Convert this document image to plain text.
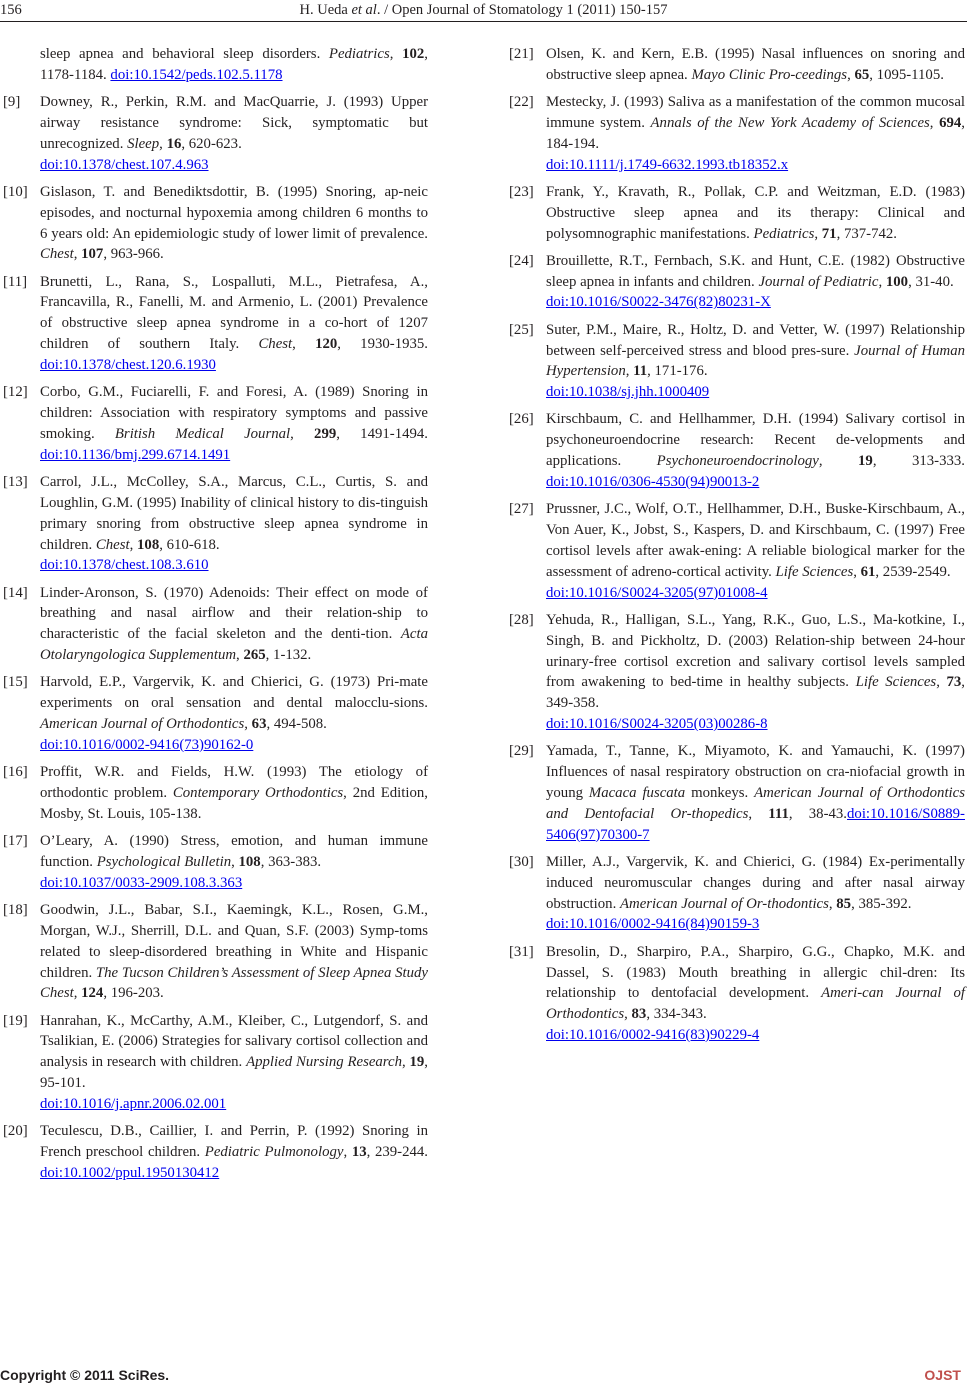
156	H. Ueda et al. / Open Journal of Stomatology 1 (2011) 150-157
sleep apnea and behavioral sleep disorders. Pediatrics, 102, 1178-1184. doi:10.1542/peds.102.5.1178
[9] Downey, R., Perkin, R.M. and MacQuarrie, J. (1993) Upper airway resistance syndrome: Sick, symptomatic but unrecognized. Sleep, 16, 620-623.
doi:10.1378/chest.107.4.963
[10] Gislason, T. and Benediktsdottir, B. (1995) Snoring, ap-neic episodes, and nocturnal hypoxemia among children 6 months to 6 years old: An epidemiologic study of lower limit of prevalence. Chest, 107, 963-966.
[11] Brunetti, L., Rana, S., Lospalluti, M.L., Pietrafesa, A., Francavilla, R., Fanelli, M. and Armenio, L. (2001) Prevalence of obstructive sleep apnea syndrome in a co-hort of 1207 children of southern Italy. Chest, 120, 1930-1935. doi:10.1378/chest.120.6.1930
[12] Corbo, G.M., Fuciarelli, F. and Foresi, A. (1989) Snoring in children: Association with respiratory symptoms and passive smoking. British Medical Journal, 299, 1491-1494. doi:10.1136/bmj.299.6714.1491
[13] Carrol, J.L., McColley, S.A., Marcus, C.L., Curtis, S. and Loughlin, G.M. (1995) Inability of clinical history to dis-tinguish primary snoring from obstructive sleep apnea syndrome in children. Chest, 108, 610-618.
doi:10.1378/chest.108.3.610
[14] Linder-Aronson, S. (1970) Adenoids: Their effect on mode of breathing and nasal airflow and their relation-ship to characteristic of the facial skeleton and the denti-tion. Acta Otolaryngologica Supplementum, 265, 1-132.
[15] Harvold, E.P., Vargervik, K. and Chierici, G. (1973) Pri-mate experiments on oral sensation and dental malocclu-sions. American Journal of Orthodontics, 63, 494-508.
doi:10.1016/0002-9416(73)90162-0
[16] Proffit, W.R. and Fields, H.W. (1993) The etiology of orthodontic problem. Contemporary Orthodontics, 2nd Edition, Mosby, St. Louis, 105-138.
[17] O’Leary, A. (1990) Stress, emotion, and human immune function. Psychological Bulletin, 108, 363-383.
doi:10.1037/0033-2909.108.3.363
[18] Goodwin, J.L., Babar, S.I., Kaemingk, K.L., Rosen, G.M., Morgan, W.J., Sherrill, D.L. and Quan, S.F. (2003) Symp-toms related to sleep-disordered breathing in White and Hispanic children. The Tucson Children’s Assessment of Sleep Apnea Study Chest, 124, 196-203.
[19] Hanrahan, K., McCarthy, A.M., Kleiber, C., Lutgendorf, S. and Tsalikian, E. (2006) Strategies for salivary cortisol collection and analysis in research with children. Applied Nursing Research, 19, 95-101.
doi:10.1016/j.apnr.2006.02.001
[20] Teculescu, D.B., Caillier, I. and Perrin, P. (1992) Snoring in French preschool children. Pediatric Pulmonology, 13, 239-244. doi:10.1002/ppul.1950130412
[21] Olsen, K. and Kern, E.B. (1995) Nasal influences on snoring and obstructive sleep apnea. Mayo Clinic Pro-ceedings, 65, 1095-1105.
[22] Mestecky, J. (1993) Saliva as a manifestation of the common mucosal immune system. Annals of the New York Academy of Sciences, 694, 184-194.
doi:10.1111/j.1749-6632.1993.tb18352.x
[23] Frank, Y., Kravath, R., Pollak, C.P. and Weitzman, E.D. (1983) Obstructive sleep apnea and its therapy: Clinical and polysomnographic manifestations. Pediatrics, 71, 737-742.
[24] Brouillette, R.T., Fernbach, S.K. and Hunt, C.E. (1982) Obstructive sleep apnea in infants and children. Journal of Pediatric, 100, 31-40.
doi:10.1016/S0022-3476(82)80231-X
[25] Suter, P.M., Maire, R., Holtz, D. and Vetter, W. (1997) Relationship between self-perceived stress and blood pres-sure. Journal of Human Hypertension, 11, 171-176.
doi:10.1038/sj.jhh.1000409
[26] Kirschbaum, C. and Hellhammer, D.H. (1994) Salivary cortisol in psychoneuroendocrine research: Recent de-velopments and applications. Psychoneuroendocrinology, 19, 313-333. doi:10.1016/0306-4530(94)90013-2
[27] Prussner, J.C., Wolf, O.T., Hellhammer, D.H., Buske-Kirschbaum, A., Von Auer, K., Jobst, S., Kaspers, D. and Kirschbaum, C. (1997) Free cortisol levels after awak-ening: A reliable biological marker for the assessment of adreno-cortical activity. Life Sciences, 61, 2539-2549.
doi:10.1016/S0024-3205(97)01008-4
[28] Yehuda, R., Halligan, S.L., Yang, R.K., Guo, L.S., Ma-kotkine, I., Singh, B. and Pickholtz, D. (2003) Relation-ship between 24-hour urinary-free cortisol excretion and salivary cortisol levels sampled from awakening to bed-time in healthy subjects. Life Sciences, 73, 349-358.
doi:10.1016/S0024-3205(03)00286-8
[29] Yamada, T., Tanne, K., Miyamoto, K. and Yamauchi, K. (1997) Influences of nasal respiratory obstruction on cra-niofacial growth in young Macaca fuscata monkeys. American Journal of Orthodontics and Dentofacial Or-thopedics, 111, 38-43.doi:10.1016/S0889-5406(97)70300-7
[30] Miller, A.J., Vargervik, K. and Chierici, G. (1984) Ex-perimentally induced neuromuscular changes during and after nasal airway obstruction. American Journal of Or-thodontics, 85, 385-392.
doi:10.1016/0002-9416(84)90159-3
[31] Bresolin, D., Sharpiro, P.A., Sharpiro, G.G., Chapko, M.K. and Dassel, S. (1983) Mouth breathing in allergic chil-dren: Its relationship to dentofacial development. Ameri-can Journal of Orthodontics, 83, 334-343.
doi:10.1016/0002-9416(83)90229-4
Copyright © 2011 SciRes.	OJST
